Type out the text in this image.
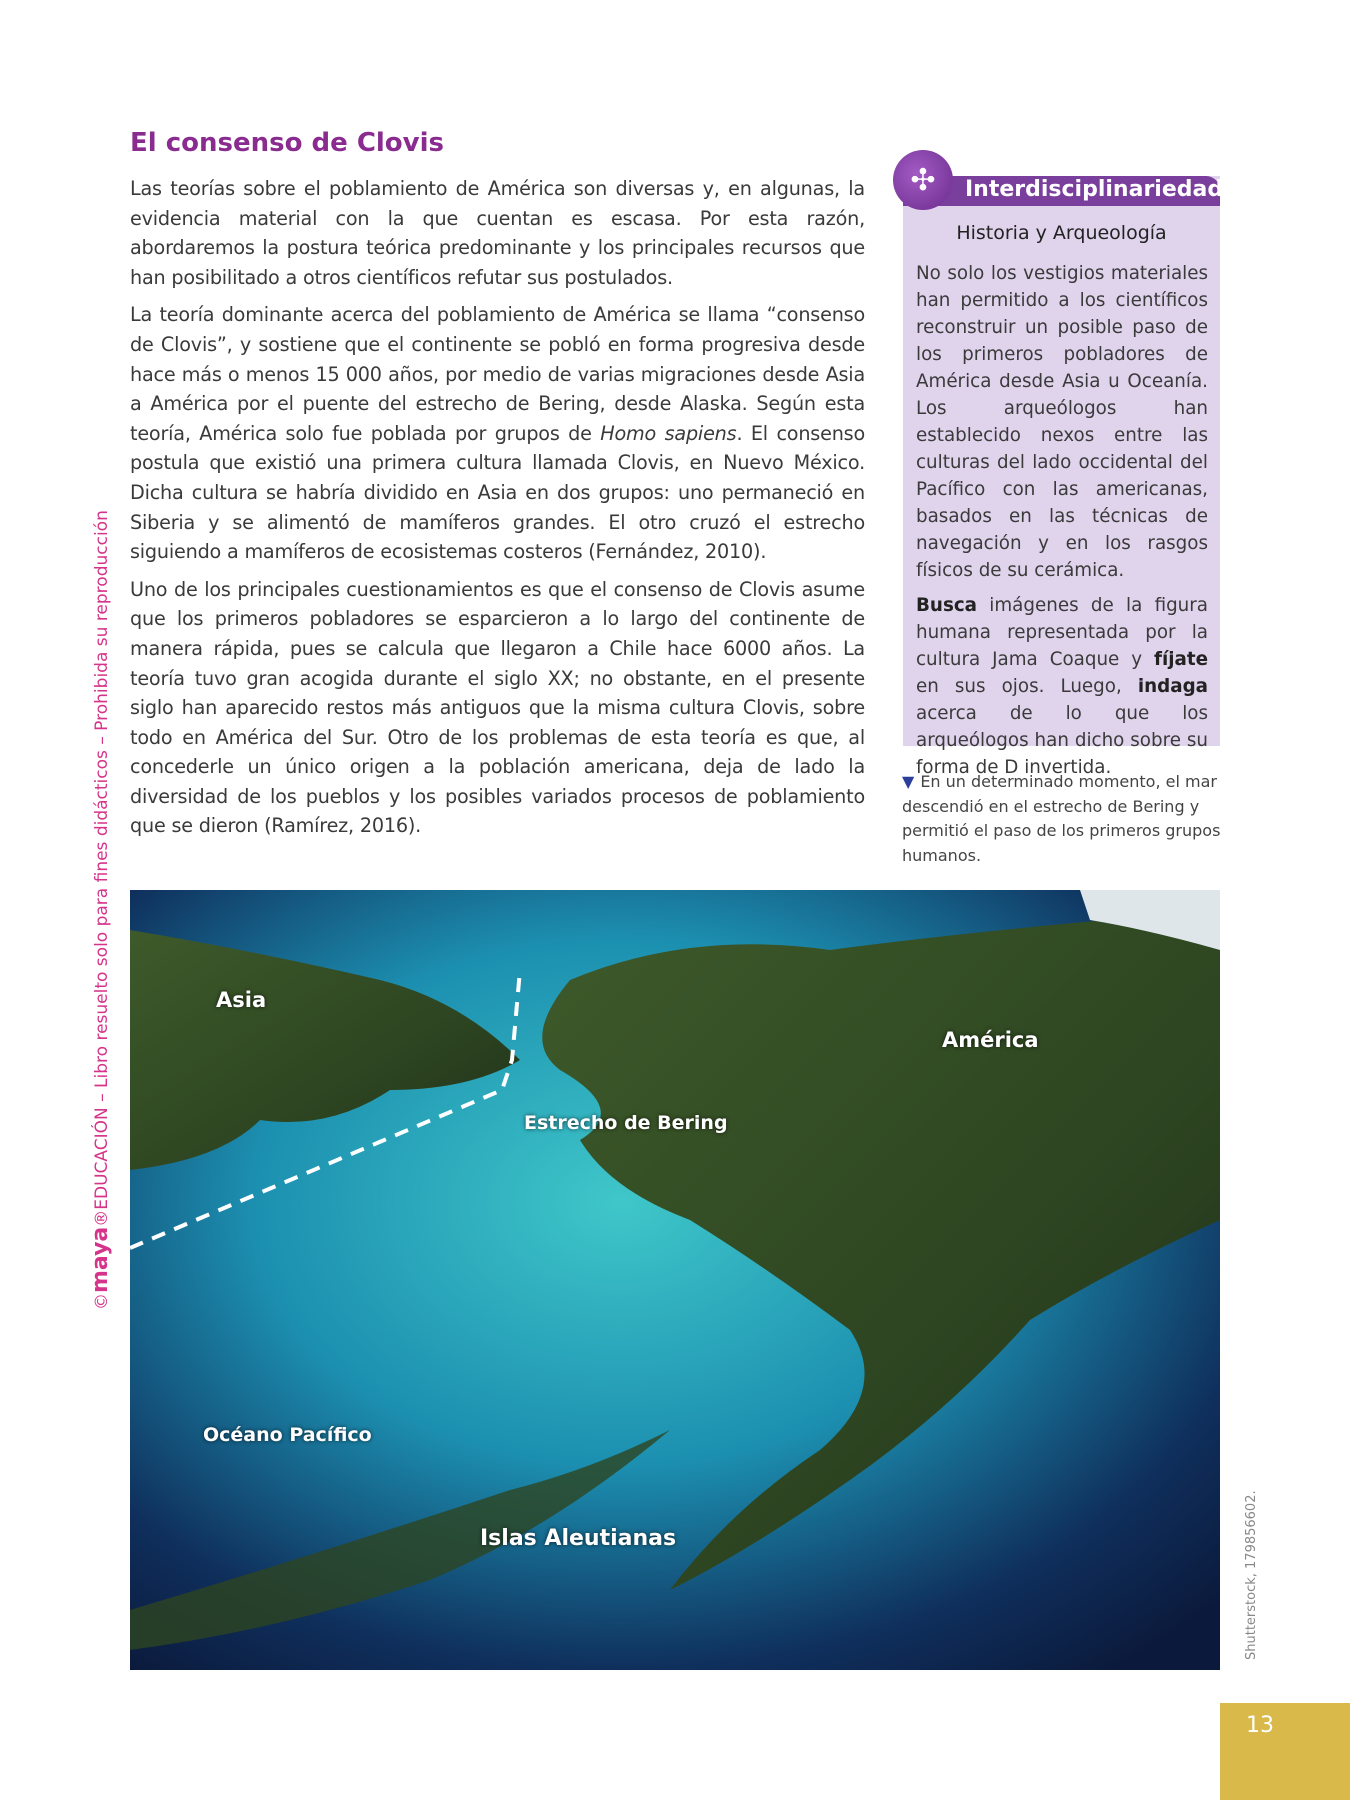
El consenso de Clovis

Las teorías sobre el poblamiento de América son diversas y, en algunas, la evidencia material con la que cuentan es escasa. Por esta razón, abordaremos la postura teórica predominante y los principales recursos que han posibilitado a otros científicos refutar sus postulados.

La teoría dominante acerca del poblamiento de América se llama “consenso de Clovis”, y sostiene que el continente se pobló en forma progresiva desde hace más o menos 15 000 años, por medio de varias migraciones desde Asia a América por el puente del estrecho de Bering, desde Alaska. Según esta teoría, América solo fue poblada por grupos de Homo sapiens. El consenso postula que existió una primera cultura llamada Clovis, en Nuevo México. Dicha cultura se habría dividido en Asia en dos grupos: uno permaneció en Siberia y se alimentó de mamíferos grandes. El otro cruzó el estrecho siguiendo a mamíferos de ecosistemas costeros (Fernández, 2010).

Uno de los principales cuestionamientos es que el consenso de Clovis asume que los primeros pobladores se esparcieron a lo largo del continente de manera rápida, pues se calcula que llegaron a Chile hace 6000 años. La teoría tuvo gran acogida durante el siglo XX; no obstante, en el presente siglo han aparecido restos más antiguos que la misma cultura Clovis, sobre todo en América del Sur. Otro de los problemas de esta teoría es que, al concederle un único origen a la población americana, deja de lado la diversidad de los pueblos y los posibles variados procesos de poblamiento que se dieron (Ramírez, 2016).

Interdisciplinariedad
✣
Historia y Arqueología

No solo los vestigios materiales han permitido a los científicos reconstruir un posible paso de los primeros pobladores de América desde Asia u Oceanía. Los arqueólogos han establecido nexos entre las culturas del lado occidental del Pacífico con las americanas, basados en las técnicas de navegación y en los rasgos físicos de su cerámica.

Busca imágenes de la figura humana representada por la cultura Jama Coaque y fíjate en sus ojos. Luego, indaga acerca de lo que los arqueólogos han dicho sobre su forma de D invertida.

▼ En un determinado momento, el mar descendió en el estrecho de Bering y permitió el paso de los primeros grupos humanos.
Asia
América
Estrecho de Bering
Océano Pacífico
Islas Aleutianas	Shutterstock, 179856602.
©maya®EDUCACIÓN – Libro resuelto solo para fines didácticos – Prohibida su reproducción
13
